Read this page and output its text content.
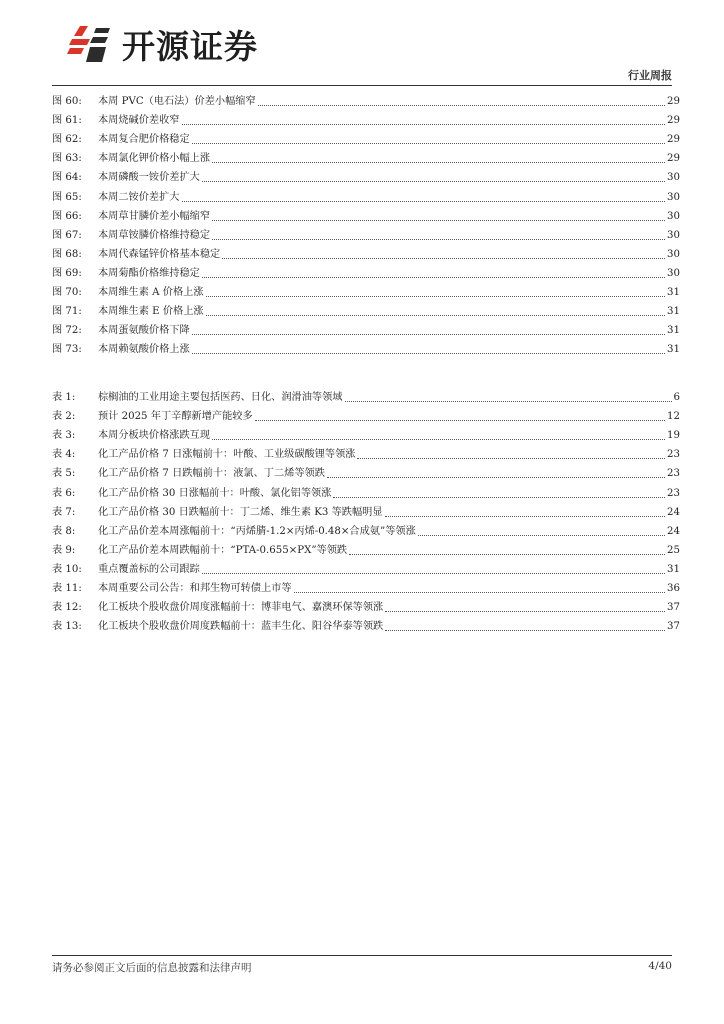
开源证券
行业周报
图 60:	本周 PVC（电石法）价差小幅缩窄	29
图 61:	本周烧碱价差收窄	29
图 62:	本周复合肥价格稳定	29
图 63:	本周氯化钾价格小幅上涨	29
图 64:	本周磷酸一铵价差扩大	30
图 65:	本周二铵价差扩大	30
图 66:	本周草甘膦价差小幅缩窄	30
图 67:	本周草铵膦价格维持稳定	30
图 68:	本周代森锰锌价格基本稳定	30
图 69:	本周菊酯价格维持稳定	30
图 70:	本周维生素 A 价格上涨	31
图 71:	本周维生素 E 价格上涨	31
图 72:	本周蛋氨酸价格下降	31
图 73:	本周赖氨酸价格上涨	31
表 1:	棕榈油的工业用途主要包括医药、日化、润滑油等领域	6
表 2:	预计 2025 年丁辛醇新增产能较多	12
表 3:	本周分板块价格涨跌互现	19
表 4:	化工产品价格 7 日涨幅前十：叶酸、工业级碳酸锂等领涨	23
表 5:	化工产品价格 7 日跌幅前十：液氯、丁二烯等领跌	23
表 6:	化工产品价格 30 日涨幅前十：叶酸、氯化铝等领涨	23
表 7:	化工产品价格 30 日跌幅前十：丁二烯、维生素 K3 等跌幅明显	24
表 8:	化工产品价差本周涨幅前十：“丙烯腈-1.2×丙烯-0.48×合成氨”等领涨	24
表 9:	化工产品价差本周跌幅前十：“PTA-0.655×PX”等领跌	25
表 10:	重点覆盖标的公司跟踪	31
表 11:	本周重要公司公告：和邦生物可转债上市等	36
表 12:	化工板块个股收盘价周度涨幅前十：博菲电气、嘉澳环保等领涨	37
表 13:	化工板块个股收盘价周度跌幅前十：蓝丰生化、阳谷华泰等领跌	37
请务必参阅正文后面的信息披露和法律声明	4/40
